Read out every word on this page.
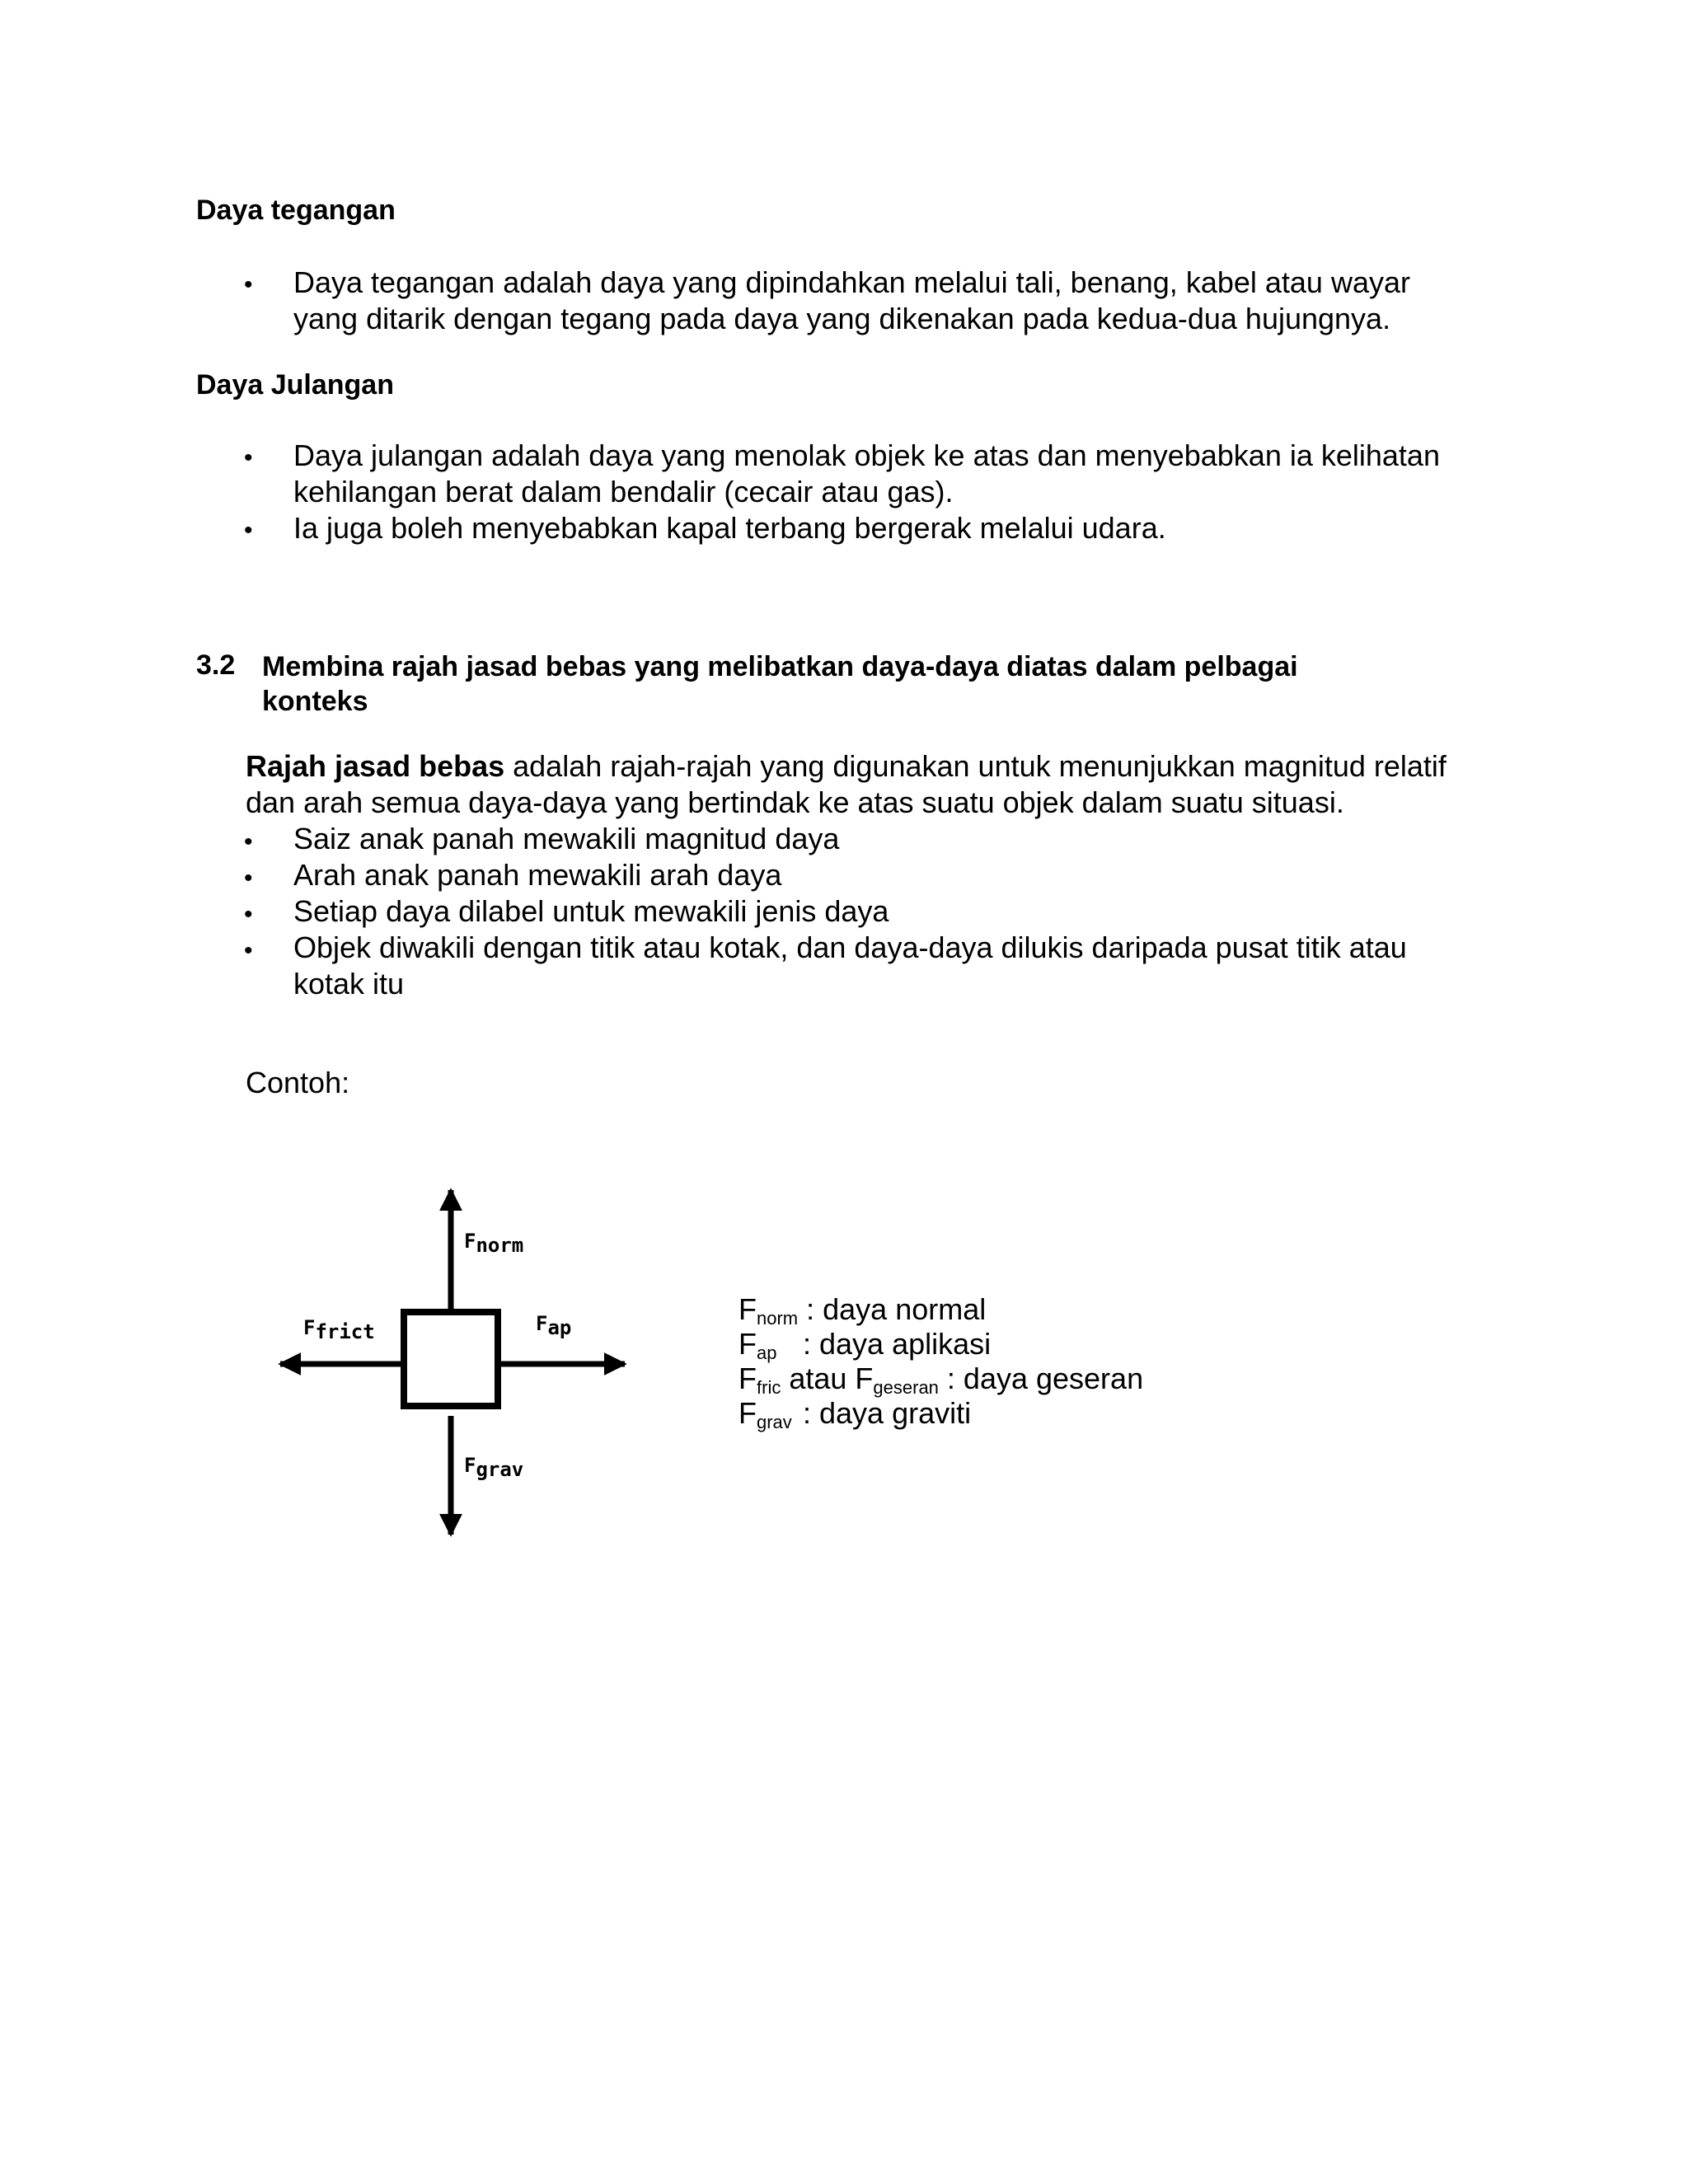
Daya tegangan
• Daya tegangan adalah daya yang dipindahkan melalui tali, benang, kabel atau wayar
yang ditarik dengan tegang pada daya yang dikenakan pada kedua-dua hujungnya.
Daya Julangan
• Daya julangan adalah daya yang menolak objek ke atas dan menyebabkan ia kelihatan
kehilangan berat dalam bendalir (cecair atau gas).
• Ia juga boleh menyebabkan kapal terbang bergerak melalui udara.
3.2 Membina rajah jasad bebas yang melibatkan daya-daya diatas dalam pelbagai
konteks
Rajah jasad bebas adalah rajah-rajah yang digunakan untuk menunjukkan magnitud relatif
dan arah semua daya-daya yang bertindak ke atas suatu objek dalam suatu situasi.
• Saiz anak panah mewakili magnitud daya
• Arah anak panah mewakili arah daya
• Setiap daya dilabel untuk mewakili jenis daya
• Objek diwakili dengan titik atau kotak, dan daya-daya dilukis daripada pusat titik atau
kotak itu
Contoh:
$F_{norm}$
$F_{frict}$	$F_{ap}$
$F_{grav}$
$F_{norm}$ : daya normal
$F_{ap}$ : daya aplikasi
$F_{fric}$ atau $F_{geseran}$ : daya geseran
$F_{grav}$ : daya graviti
